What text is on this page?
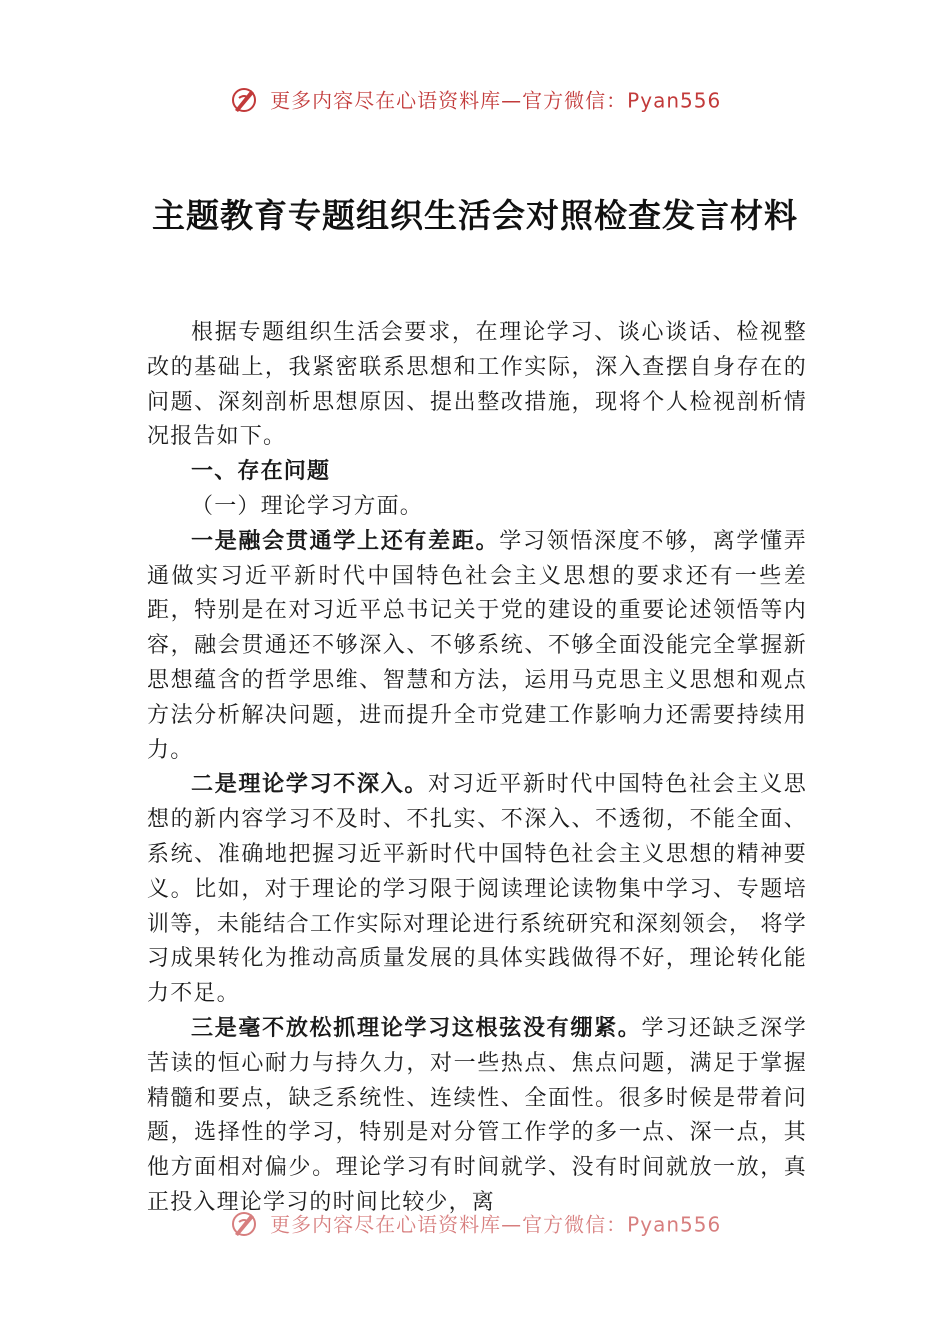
更多内容尽在心语资料库—官方微信：Pyan556
主题教育专题组织生活会对照检查发言材料

根据专题组织生活会要求，在理论学习、谈心谈话、检视整改的基础上，我紧密联系思想和工作实际，深入查摆自身存在的问题、深刻剖析思想原因、提出整改措施，现将个人检视剖析情况报告如下。

一、存在问题

（一）理论学习方面。

一是融会贯通学上还有差距。学习领悟深度不够，离学懂弄通做实习近平新时代中国特色社会主义思想的要求还有一些差距，特别是在对习近平总书记关于党的建设的重要论述领悟等内容，融会贯通还不够深入、不够系统、不够全面没能完全掌握新思想蕴含的哲学思维、智慧和方法，运用马克思主义思想和观点方法分析解决问题，进而提升全市党建工作影响力还需要持续用力。

二是理论学习不深入。对习近平新时代中国特色社会主义思想的新内容学习不及时、不扎实、不深入、不透彻，不能全面、系统、准确地把握习近平新时代中国特色社会主义思想的精神要义。比如，对于理论的学习限于阅读理论读物集中学习、专题培训等，未能结合工作实际对理论进行系统研究和深刻领会， 将学习成果转化为推动高质量发展的具体实践做得不好，理论转化能力不足。

三是毫不放松抓理论学习这根弦没有绷紧。学习还缺乏深学苦读的恒心耐力与持久力，对一些热点、焦点问题，满足于掌握精髓和要点，缺乏系统性、连续性、全面性。很多时候是带着问题，选择性的学习，特别是对分管工作学的多一点、深一点，其他方面相对偏少。理论学习有时间就学、没有时间就放一放，真正投入理论学习的时间比较少，离

更多内容尽在心语资料库—官方微信：Pyan556
